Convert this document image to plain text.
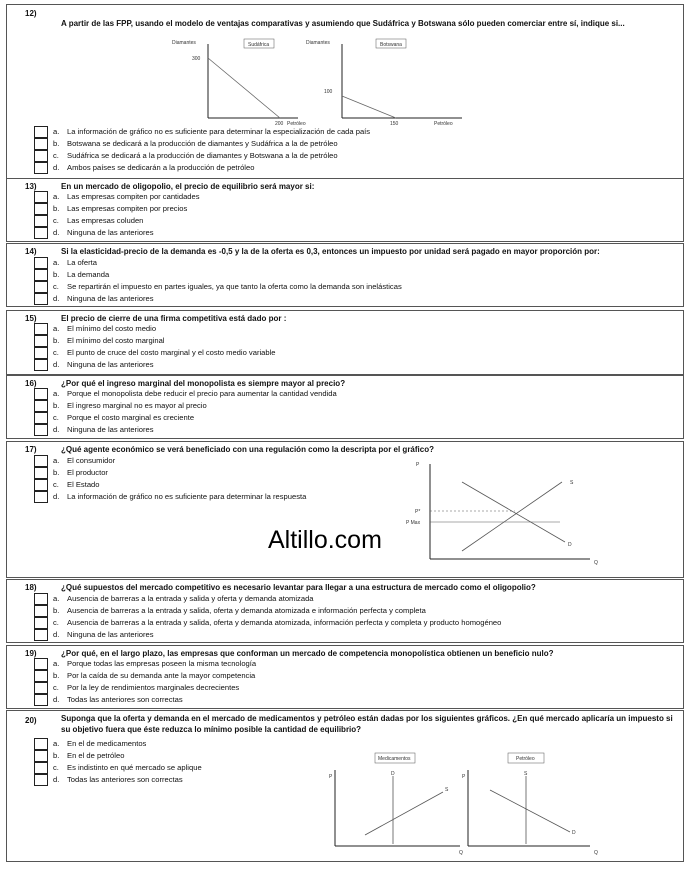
12)
A partir de las FPP, usando el modelo de ventajas comparativas y asumiendo que Sudáfrica y Botswana sólo pueden comerciar entre sí, indique si...
Diamantes
300
200 Petróleo
Sudáfrica	Diamantes
100
150	Petróleo
Botswana
a. La información de gráfico no es suficiente para determinar la especialización de cada país
b. Botswana se dedicará a la producción de diamantes y Sudáfrica a la de petróleo
c. Sudáfrica se dedicará a la producción de diamantes y Botswana a la de petróleo
d. Ambos países se dedicarán a la producción de petróleo
13)	En un mercado de oligopolio, el precio de equilibrio será mayor si:
a. Las empresas compiten por cantidades
b. Las empresas compiten por precios
c. Las empresas coluden
d. Ninguna de las anteriores
14)	Si la elasticidad-precio de la demanda es -0,5 y la de la oferta es 0,3, entonces un impuesto por unidad será pagado en mayor proporción por:
a. La oferta
b. La demanda
c. Se repartirán el impuesto en partes iguales, ya que tanto la oferta como la demanda son inelásticas
d. Ninguna de las anteriores
15)	El precio de cierre de una firma competitiva está dado por :
a. El mínimo del costo medio
b. El mínimo del costo marginal
c. El punto de cruce del costo marginal y el costo medio variable
d. Ninguna de las anteriores
16)	¿Por qué el ingreso marginal del monopolista es siempre mayor al precio?
a. Porque el monopolista debe reducir el precio para aumentar la cantidad vendida
b. El ingreso marginal no es mayor al precio
c. Porque el costo marginal es creciente
d. Ninguna de las anteriores
17)	¿Qué agente económico se verá beneficiado con una regulación como la descripta por el gráfico?
a. El consumidor
b. El productor
c. El Estado
d. La información de gráfico no es suficiente para determinar la respuesta
P
Q
S
D
P*
P Max
Altillo.com
18)	¿Qué supuestos del mercado competitivo es necesario levantar para llegar a una estructura de mercado como el oligopolio?
a. Ausencia de barreras a la entrada y salida y oferta y demanda atomizada
b. Ausencia de barreras a la entrada y salida, oferta y demanda atomizada e información perfecta y completa
c. Ausencia de barreras a la entrada y salida, oferta y demanda atomizada, información perfecta y completa y producto homogéneo
d. Ninguna de las anteriores
19)	¿Por qué, en el largo plazo, las empresas que conforman un mercado de competencia monopolística obtienen un beneficio nulo?
a. Porque todas las empresas poseen la misma tecnología
b. Por la caída de su demanda ante la mayor competencia
c. Por la ley de rendimientos marginales decrecientes
d. Todas las anteriores son correctas
20)	Suponga que la oferta y demanda en el mercado de medicamentos y petróleo están dadas por los siguientes gráficos. ¿En qué mercado aplicaría un impuesto si su objetivo fuera que éste reduzca lo mínimo posible la cantidad de equilibrio?
a. En el de medicamentos
b. En el de petróleo
c. Es indistinto en qué mercado se aplique
d. Todas las anteriores son correctas
Medicamentos
P
Q
S
D
Petróleo
P
Q
S
D
